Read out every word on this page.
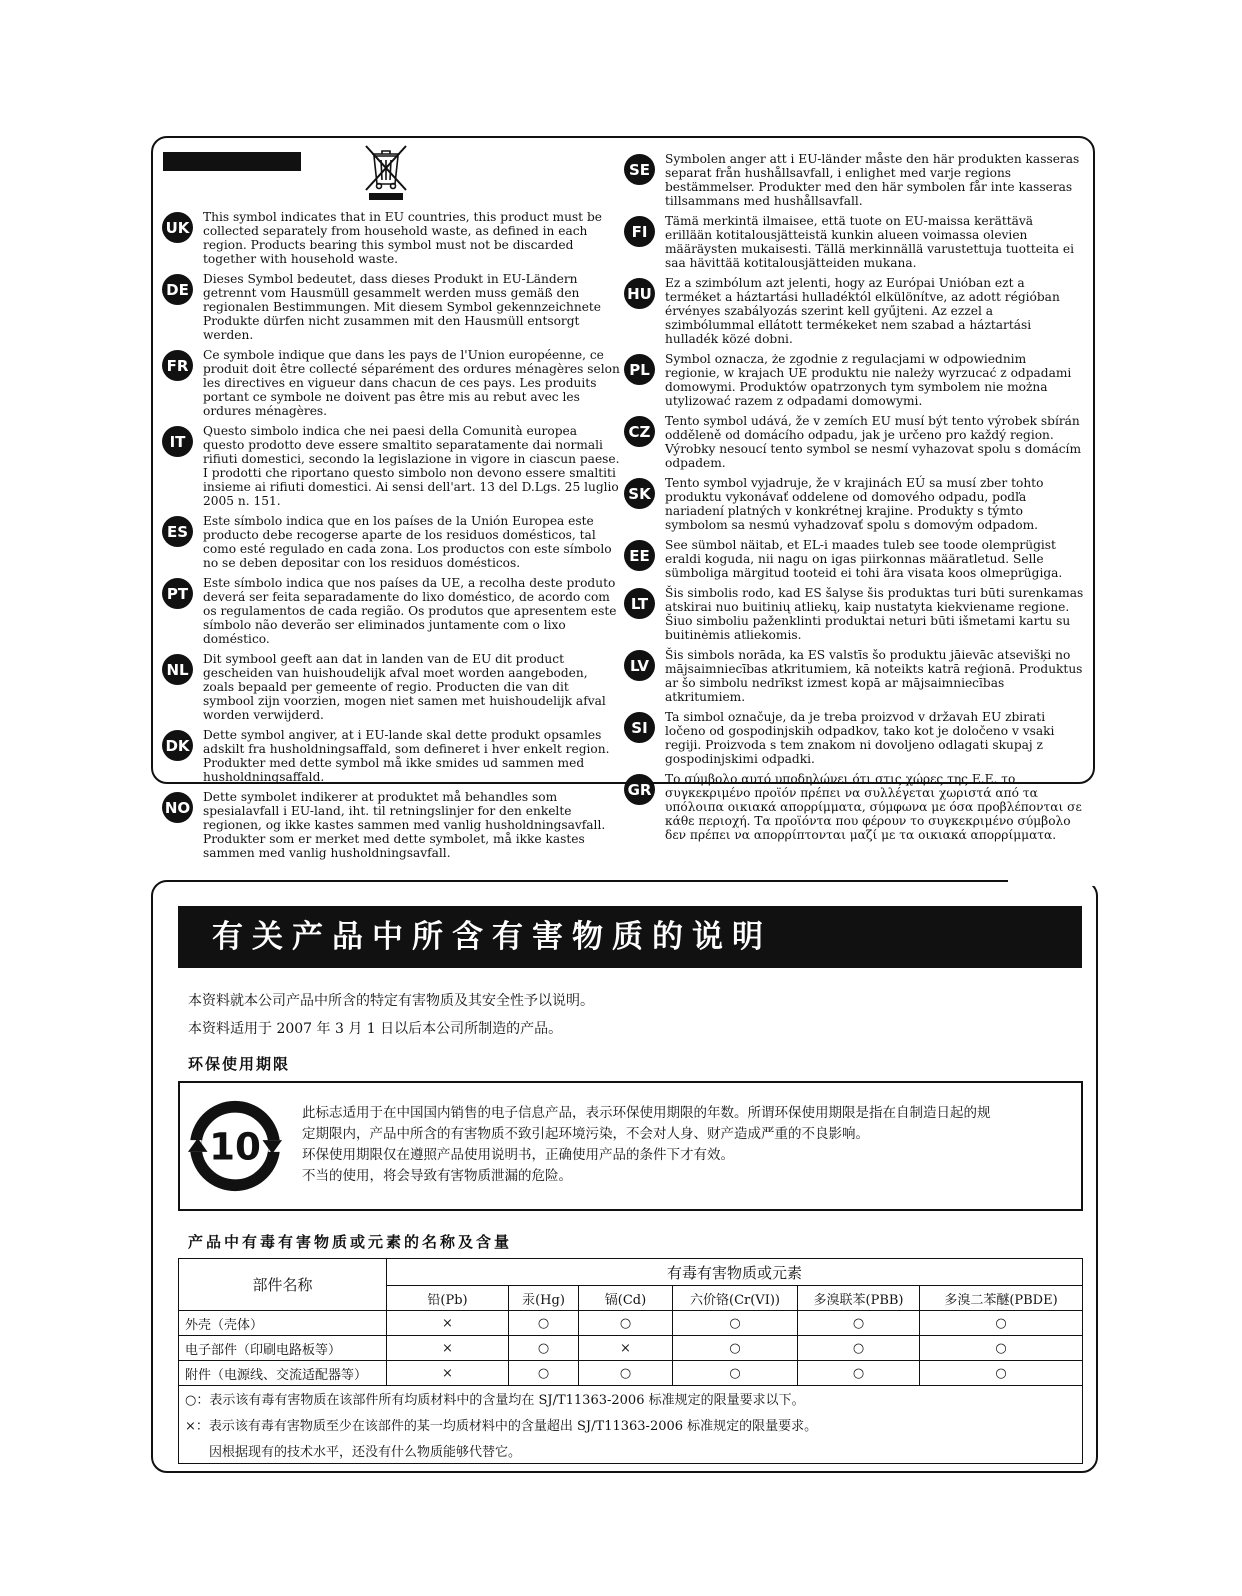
UK
This symbol indicates that in EU countries, this product must be collected separately from household waste, as defined in each region. Products bearing this symbol must not be discarded together with household waste.
DE
Dieses Symbol bedeutet, dass dieses Produkt in EU-Ländern getrennt vom Hausmüll gesammelt werden muss gemäß den regionalen Bestimmungen. Mit diesem Symbol gekennzeichnete Produkte dürfen nicht zusammen mit den Hausmüll entsorgt werden.
FR
Ce symbole indique que dans les pays de l'Union européenne, ce produit doit être collecté séparément des ordures ménagères selon les directives en vigueur dans chacun de ces pays. Les produits portant ce symbole ne doivent pas être mis au rebut avec les ordures ménagères.
IT
Questo simbolo indica che nei paesi della Comunità europea questo prodotto deve essere smaltito separatamente dai normali rifiuti domestici, secondo la legislazione in vigore in ciascun paese. I prodotti che riportano questo simbolo non devono essere smaltiti insieme ai rifiuti domestici. Ai sensi dell'art. 13 del D.Lgs. 25 luglio 2005 n. 151.
ES
Este símbolo indica que en los países de la Unión Europea este producto debe recogerse aparte de los residuos domésticos, tal como esté regulado en cada zona. Los productos con este símbolo no se deben depositar con los residuos domésticos.
PT
Este símbolo indica que nos países da UE, a recolha deste produto deverá ser feita separadamente do lixo doméstico, de acordo com os regulamentos de cada região. Os produtos que apresentem este símbolo não deverão ser eliminados juntamente com o lixo doméstico.
NL
Dit symbool geeft aan dat in landen van de EU dit product gescheiden van huishoudelijk afval moet worden aangeboden, zoals bepaald per gemeente of regio. Producten die van dit symbool zijn voorzien, mogen niet samen met huishoudelijk afval worden verwijderd.
DK
Dette symbol angiver, at i EU-lande skal dette produkt opsamles adskilt fra husholdningsaffald, som defineret i hver enkelt region. Produkter med dette symbol må ikke smides ud sammen med husholdningsaffald.
NO
Dette symbolet indikerer at produktet må behandles som spesialavfall i EU-land, iht. til retningslinjer for den enkelte regionen, og ikke kastes sammen med vanlig husholdningsavfall. Produkter som er merket med dette symbolet, må ikke kastes sammen med vanlig husholdningsavfall.
SE
Symbolen anger att i EU-länder måste den här produkten kasseras separat från hushållsavfall, i enlighet med varje regions bestämmelser. Produkter med den här symbolen får inte kasseras tillsammans med hushållsavfall.
FI
Tämä merkintä ilmaisee, että tuote on EU-maissa kerättävä erillään kotitalousjätteistä kunkin alueen voimassa olevien määräysten mukaisesti. Tällä merkinnällä varustettuja tuotteita ei saa hävittää kotitalousjätteiden mukana.
HU
Ez a szimbólum azt jelenti, hogy az Európai Unióban ezt a terméket a háztartási hulladéktól elkülönítve, az adott régióban érvényes szabályozás szerint kell gyűjteni. Az ezzel a szimbólummal ellátott termékeket nem szabad a háztartási hulladék közé dobni.
PL
Symbol oznacza, że zgodnie z regulacjami w odpowiednim regionie, w krajach UE produktu nie należy wyrzucać z odpadami domowymi. Produktów opatrzonych tym symbolem nie można utylizować razem z odpadami domowymi.
CZ
Tento symbol udává, že v zemích EU musí být tento výrobek sbírán odděleně od domácího odpadu, jak je určeno pro každý region. Výrobky nesoucí tento symbol se nesmí vyhazovat spolu s domácím odpadem.
SK
Tento symbol vyjadruje, že v krajinách EÚ sa musí zber tohto produktu vykonávať oddelene od domového odpadu, podľa nariadení platných v konkrétnej krajine. Produkty s týmto symbolom sa nesmú vyhadzovať spolu s domovým odpadom.
EE
See sümbol näitab, et EL-i maades tuleb see toode olemprügist eraldi koguda, nii nagu on igas piirkonnas määratletud. Selle sümboliga märgitud tooteid ei tohi ära visata koos olmeprügiga.
LT
Šis simbolis rodo, kad ES šalyse šis produktas turi būti surenkamas atskirai nuo buitinių atliekų, kaip nustatyta kiekviename regione. Šiuo simboliu paženklinti produktai neturi būti išmetami kartu su buitinėmis atliekomis.
LV
Šis simbols norāda, ka ES valstīs šo produktu jāievāc atsevišķi no mājsaimniecības atkritumiem, kā noteikts katrā reģionā. Produktus ar šo simbolu nedrīkst izmest kopā ar mājsaimniecības atkritumiem.
SI
Ta simbol označuje, da je treba proizvod v državah EU zbirati ločeno od gospodinjskih odpadkov, tako kot je določeno v vsaki regiji. Proizvoda s tem znakom ni dovoljeno odlagati skupaj z gospodinjskimi odpadki.
GR
Το σύμβολο αυτό υποδηλώνει ότι στις χώρες της Ε.Ε. το συγκεκριμένο προϊόν πρέπει να συλλέγεται χωριστά από τα υπόλοιπα οικιακά απορρίμματα, σύμφωνα με όσα προβλέπονται σε κάθε περιοχή. Τα προϊόντα που φέρουν το συγκεκριμένο σύμβολο δεν πρέπει να απορρίπτονται μαζί με τα οικιακά απορρίμματα.
有关产品中所含有害物质的说明
本资料就本公司产品中所含的特定有害物质及其安全性予以说明。
本资料适用于 2007 年 3 月 1 日以后本公司所制造的产品。
环保使用期限
10
此标志适用于在中国国内销售的电子信息产品，表示环保使用期限的年数。所谓环保使用期限是指在自制造日起的规
定期限内，产品中所含的有害物质不致引起环境污染，不会对人身、财产造成严重的不良影响。
环保使用期限仅在遵照产品使用说明书，正确使用产品的条件下才有效。
不当的使用，将会导致有害物质泄漏的危险。
产品中有毒有害物质或元素的名称及含量
部件名称	有毒有害物质或元素					
	铅(Pb)	汞(Hg)	镉(Cd)	六价铬(Cr(VI))	多溴联苯(PBB)	多溴二苯醚(PBDE)
外壳（壳体）	×	○	○	○	○	○
电子部件（印刷电路板等）	×	○	×	○	○	○
附件（电源线、交流适配器等）	×	○	○	○	○	○
○：表示该有毒有害物质在该部件所有均质材料中的含量均在 SJ/T11363-2006 标准规定的限量要求以下。						
×：表示该有毒有害物质至少在该部件的某一均质材料中的含量超出 SJ/T11363-2006 标准规定的限量要求。						
因根据现有的技术水平，还没有什么物质能够代替它。						
